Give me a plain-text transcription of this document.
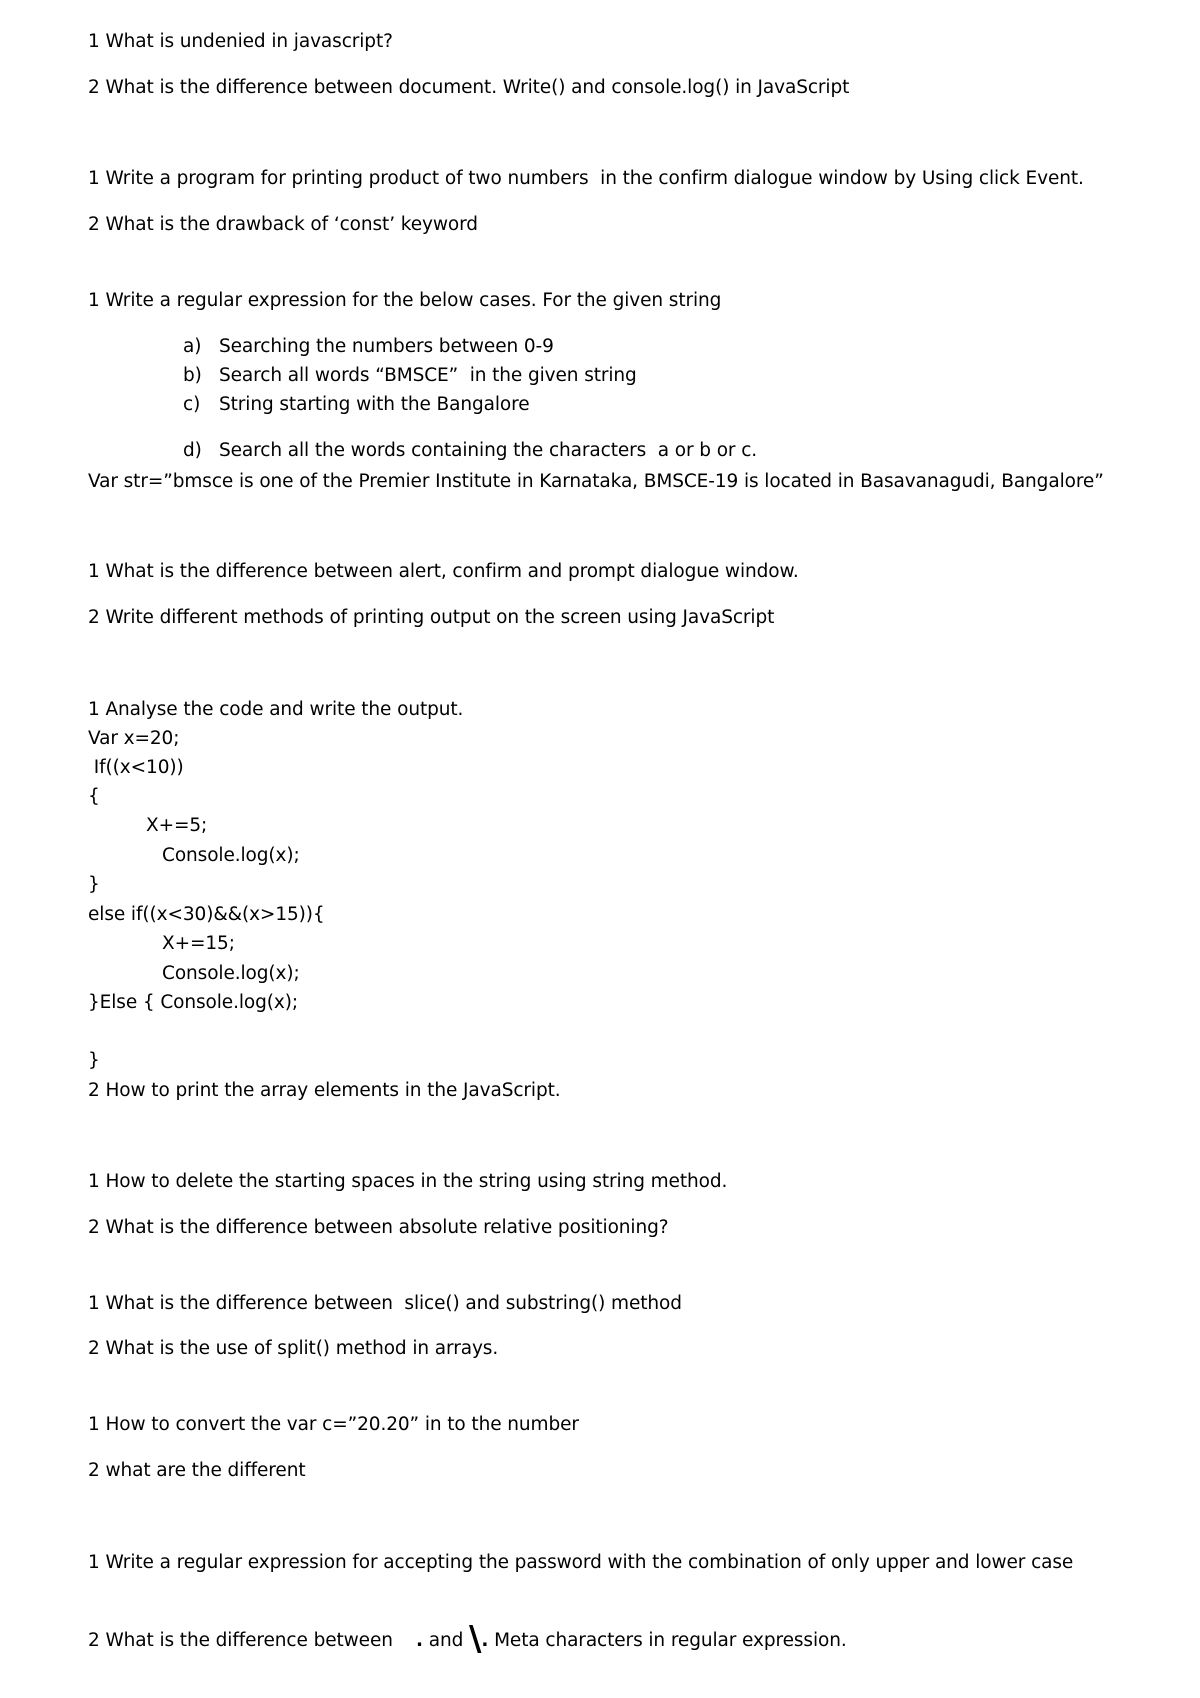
1 What is undenied in javascript?
2 What is the difference between document. Write() and console.log() in JavaScript
1 Write a program for printing product of two numbers  in the confirm dialogue window by Using click Event.
2 What is the drawback of ‘const’ keyword
1 Write a regular expression for the below cases. For the given string
a) Searching the numbers between 0-9
b) Search all words “BMSCE”  in the given string
c) String starting with the Bangalore
d) Search all the words containing the characters  a or b or c.
Var str=”bmsce is one of the Premier Institute in Karnataka, BMSCE-19 is located in Basavanagudi, Bangalore”
1 What is the difference between alert, confirm and prompt dialogue window.
2 Write different methods of printing output on the screen using JavaScript
1 Analyse the code and write the output.
Var x=20;
If((x<10))
{
X+=5;
Console.log(x);
}
else if((x<30)&&(x>15)){
X+=15;
Console.log(x);
}Else { Console.log(x);
}
2 How to print the array elements in the JavaScript.
1 How to delete the starting spaces in the string using string method.
2 What is the difference between absolute relative positioning?
1 What is the difference between  slice() and substring() method
2 What is the use of split() method in arrays.
1 How to convert the var c=”20.20” in to the number
2 what are the different
1 Write a regular expression for accepting the password with the combination of only upper and lower case
2 What is the difference between . and \. Meta characters in regular expression.
